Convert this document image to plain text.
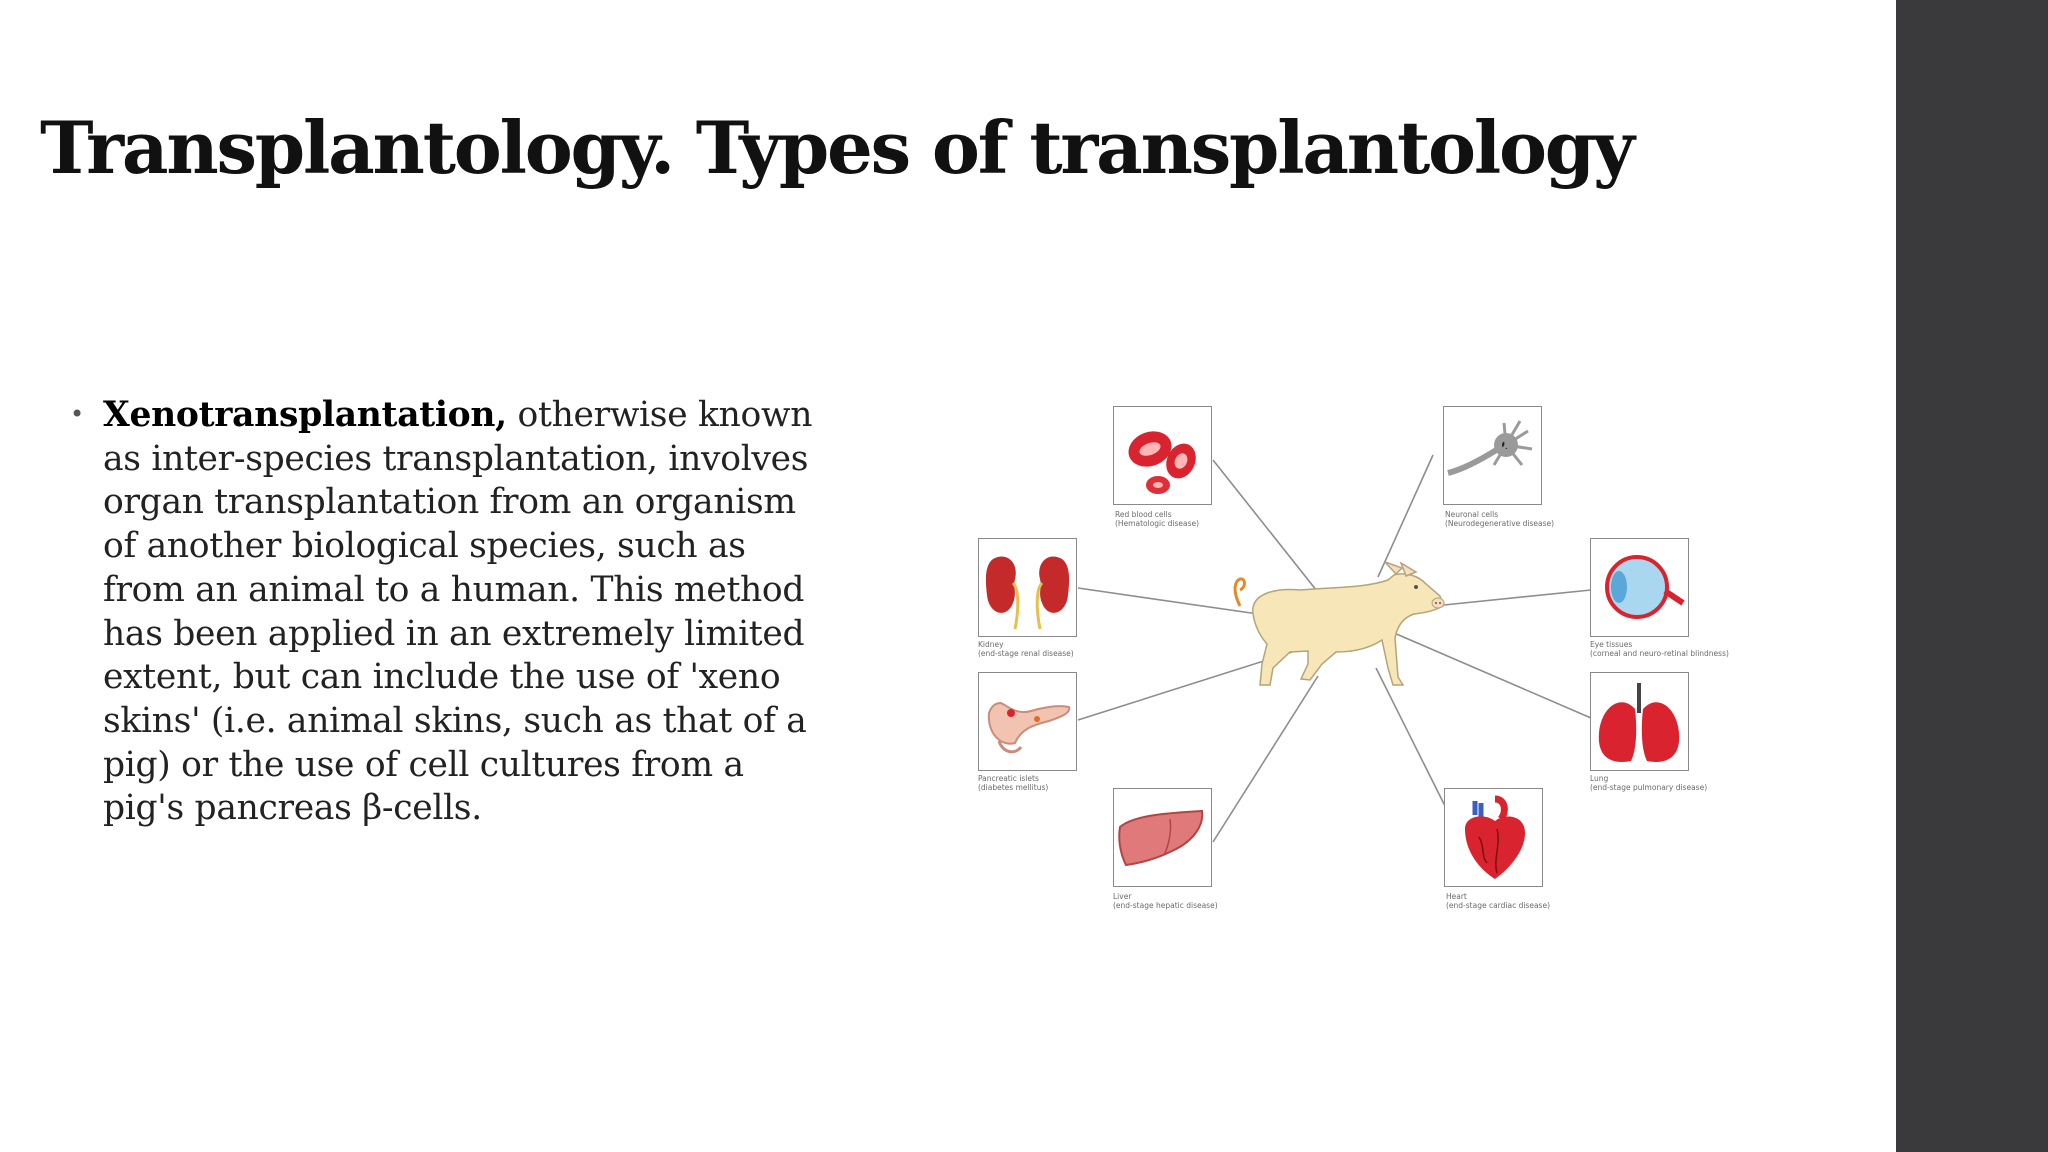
Transplantology. Types of transplantology
• Xenotransplantation, otherwise known
as inter-species transplantation, involves
organ transplantation from an organism
of another biological species, such as
from an animal to a human. This method
has been applied in an extremely limited
extent, but can include the use of 'xeno
skins' (i.e. animal skins, such as that of a
pig) or the use of cell cultures from a
pig's pancreas β-cells.

Red blood cells
(Hematologic disease)
Neuronal cells
(Neurodegenerative disease)
Kidney
(end-stage renal disease)
Eye tissues
(corneal and neuro-retinal blindness)
Pancreatic islets
(diabetes mellitus)
Lung
(end-stage pulmonary disease)
Liver
(end-stage hepatic disease)
Heart
(end-stage cardiac disease)
